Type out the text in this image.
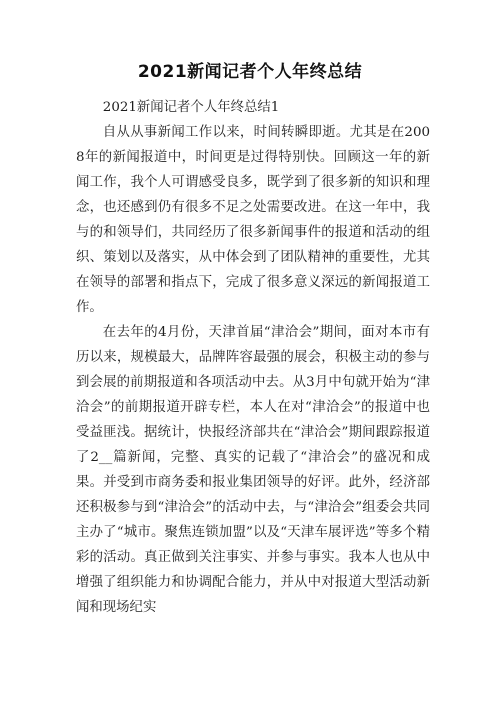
2021新闻记者个人年终总结

2021新闻记者个人年终总结1

自从从事新闻工作以来，时间转瞬即逝。尤其是在2008年的新闻报道中，时间更是过得特别快。回顾这一年的新闻工作，我个人可谓感受良多，既学到了很多新的知识和理念，也还感到仍有很多不足之处需要改进。在这一年中，我与的和领导们，共同经历了很多新闻事件的报道和活动的组织、策划以及落实，从中体会到了团队精神的重要性，尤其在领导的部署和指点下，完成了很多意义深远的新闻报道工作。

在去年的4月份，天津首届“津洽会”期间，面对本市有历以来，规模最大，品牌阵容最强的展会，积极主动的参与到会展的前期报道和各项活动中去。从3月中旬就开始为“津洽会”的前期报道开辟专栏，本人在对“津洽会”的报道中也受益匪浅。据统计，快报经济部共在“津洽会”期间跟踪报道了2__篇新闻，完整、真实的记载了“津洽会”的盛况和成果。并受到市商务委和报业集团领导的好评。此外，经济部还积极参与到“津洽会”的活动中去，与“津洽会”组委会共同主办了“城市。聚焦连锁加盟”以及“天津车展评选”等多个精彩的活动。真正做到关注事实、并参与事实。我本人也从中增强了组织能力和协调配合能力，并从中对报道大型活动新闻和现场纪实
